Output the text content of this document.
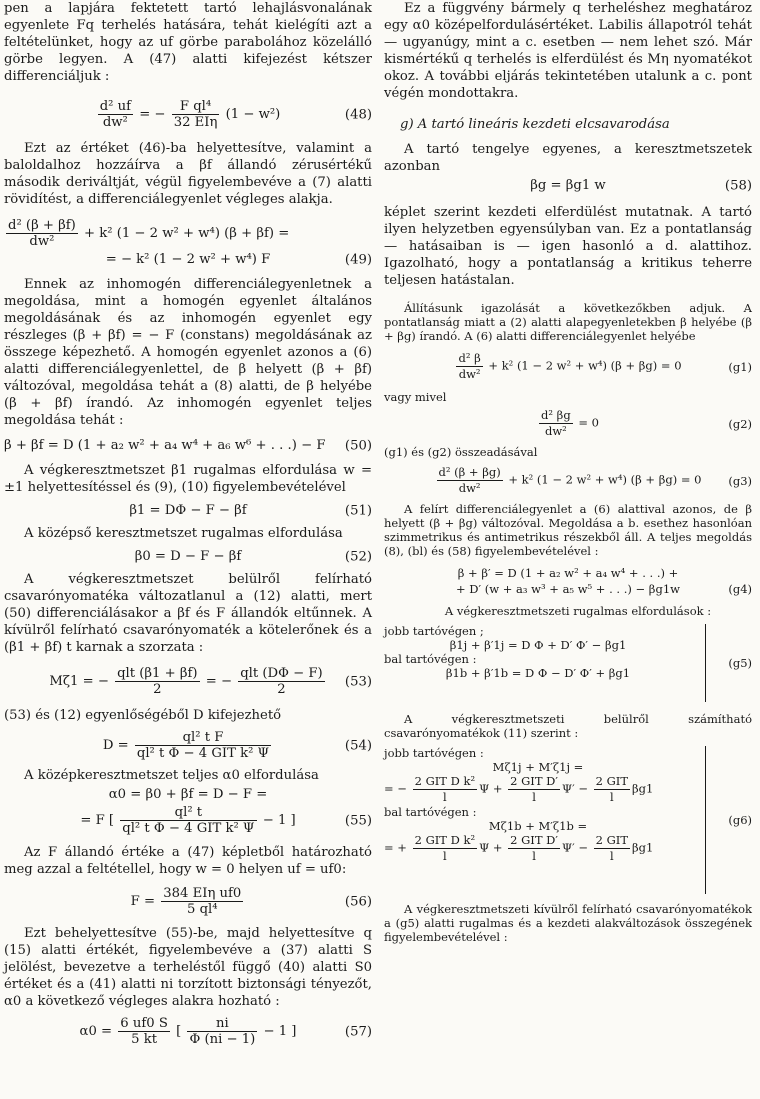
pen a lapjára fektetett tartó lehajlásvonalának egyenlete Fq terhelés hatására, tehát kielégíti azt a feltételünket, hogy az uf görbe parabolához közelálló görbe legyen. A (47) alatti kifejezést kétszer differenciáljuk :

$\frac{\text{d² uf}}{\text{dw²}}$ = − $\frac{\text{F ql⁴}}{\text{32 EIη}} (1 - w^2)$	(48)

Ezt az értéket (46)-ba helyettesítve, valamint a baloldalhoz hozzáírva a βf állandó zérusértékű második deriváltját, végül figyelembevéve a (7) alatti rövidítést, a differenciálegyenlet végleges alakja.

$\frac{\text{d² (β + βf)}}{\text{dw²}} + k^2$ (1 − 2 w² + w⁴) (β + βf) =
= − k² (1 − 2 w² + w⁴) F	(49)

Ennek az inhomogén differenciálegyenletnek a megoldása, mint a homogén egyenlet általános megoldásának és az inhomogén egyenlet egy részleges (β + βf) = − F (constans) megoldásának az összege képezhető. A homogén egyenlet azonos a (6) alatti differenciálegyenlettel, de β helyett (β + βf) változóval, megoldása tehát a (8) alatti, de β helyébe (β + βf) írandó. Az inhomogén egyenlet teljes megoldása tehát :

β + βf = D (1 + a₂ w² + a₄ w⁴ + a₆ w⁶ + . . .) − F (50)

A végkeresztmetszet β1 rugalmas elfordulása w = ±1 helyettesítéssel és (9), (10) figyelembevételével

β1 = DΦ − F − βf	(51)

A középső keresztmetszet rugalmas elfordulása

β0 = D − F − βf	(52)

A végkeresztmetszet belülről felírható csavarónyomatéka változatlanul a (12) alatti, mert (50) differenciálásakor a βf és F állandók eltűnnek. A kívülről felírható csavarónyomaték a kötelerőnek és a (β1 + βf) t karnak a szorzata :

Mζ1 = − $\frac{\text{qlt (β1 + βf)}}{2}$ = − $\frac{\text{qlt (DΦ − F)}}{2} (53)$

(53) és (12) egyenlőségéből D kifejezhető

$D = \frac{\text{ql² t F}}{\text{ql² t Φ − 4 GIT k² Ψ}}$	(54)

A középkeresztmetszet teljes α0 elfordulása

α0 = β0 + βf = D − F =
= F [ $\frac{\text{ql² t}}{\text{ql² t Φ − 4 GIT k² Ψ}} - 1$ ]	(55)

Az F állandó értéke a (47) képletből határozható meg azzal a feltétellel, hogy w = 0 helyen uf = uf0:

$F = \frac{\text{384 EIη uf0}}{\text{5 ql⁴}}$	(56)

Ezt behelyettesítve (55)-be, majd helyettesítve q (15) alatti értékét, figyelembevéve a (37) alatti S jelölést, bevezetve a terheléstől függő (40) alatti S0 értéket és a (41) alatti ni torzított biztonsági tényezőt, α0 a következő végleges alakra hozható :

$\alpha 0 = \frac{6 uf0 S}{5 kt}$ [ $\frac{ni}{\Phi (ni - 1)} - 1$ ]	(57)

Ez a függvény bármely q terheléshez meghatároz egy α0 középelfordulásértéket. Labilis állapotról tehát — ugyanúgy, mint a c. esetben — nem lehet szó. Már kismértékű q terhelés is elferdülést és Mη nyomatékot okoz. A további eljárás tekintetében utalunk a c. pont végén mondottakra.

g) A tartó lineáris kezdeti elcsavarodása

A tartó tengelye egyenes, a keresztmetszetek azonban

βg = βg1 w	(58)

képlet szerint kezdeti elferdülést mutatnak. A tartó ilyen helyzetben egyensúlyban van. Ez a pontatlanság — hatásaiban is — igen hasonló a d. alattihoz. Igazolható, hogy a pontatlanság a kritikus teherre teljesen hatástalan.

Állításunk igazolását a következőkben adjuk. A pontatlanság miatt a (2) alatti alapegyenletekben β helyébe (β + βg) írandó. A (6) alatti differenciálegyenlet helyébe

$\frac{\text{d² β}}{\text{dw²}} + k^2$ (1 − 2 w² + w⁴) (β + βg) = 0	(g1)

vagy mivel

$\frac{\text{d² βg}}{\text{dw²}} = 0$	(g2)

(g1) és (g2) összeadásával

$\frac{\text{d² (β + βg)}}{\text{dw²}} + k^2$ (1 − 2 w² + w⁴) (β + βg) = 0 (g3)

A felírt differenciálegyenlet a (6) alattival azonos, de β helyett (β + βg) változóval. Megoldása a b. esethez hasonlóan szimmetrikus és antimetrikus részekből áll. A teljes megoldás (8), (bl) és (58) figyelembevételével :

β + β′ = D (1 + a₂ w² + a₄ w⁴ + . . .) +
+ D′ (w + a₃ w³ + a₅ w⁵ + . . .) − βg1w	(g4)

A végkeresztmetszeti rugalmas elfordulások :

jobb tartóvégen ;
β1j + β′1j = D Φ + D′ Φ′ − βg1
bal tartóvégen :
β1b + β′1b = D Φ − D′ Φ′ + βg1
(g5)

A végkeresztmetszeti belülről számítható csavarónyomatékok (11) szerint :

jobb tartóvégen :
Mζ1j + M′ζ1j =
= − $\frac{\text{2 GIT D k²}}{l}$ $\Psi + \frac{\text{2 GIT D′}}{l} \Psi' - \frac{\text{2 GIT}}{l} \beta g1$
bal tartóvégen :
Mζ1b + M′ζ1b =
= + $\frac{\text{2 GIT D k²}}{l}$ $\Psi + \frac{\text{2 GIT D′}}{l} \Psi' - \frac{\text{2 GIT}}{l} \beta g1$
(g6)

A végkeresztmetszeti kívülről felírható csavarónyomatékok a (g5) alatti rugalmas és a kezdeti alakváltozások összegének figyelembevételével :
